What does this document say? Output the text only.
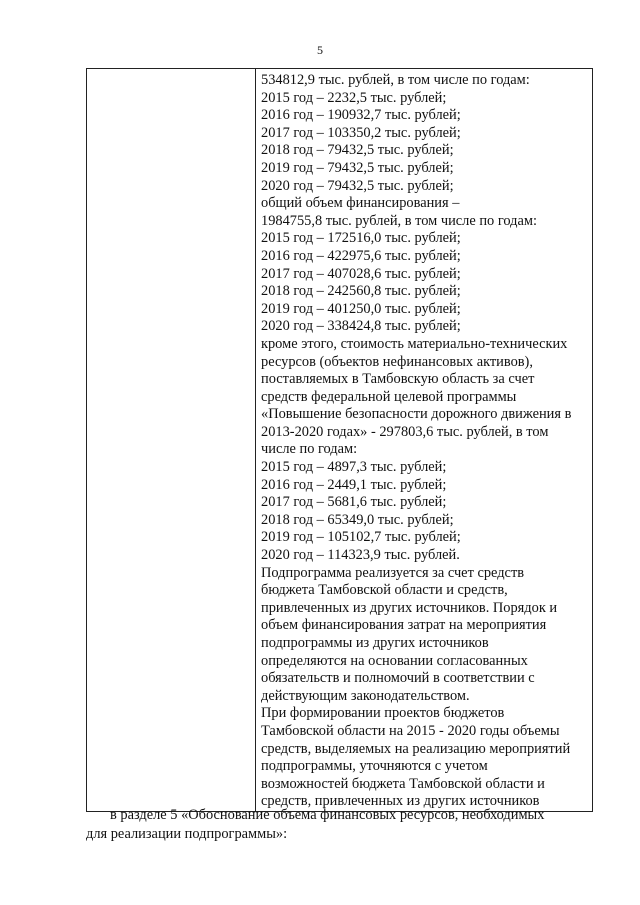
5

534812,9 тыс. рублей, в том числе по годам:
2015 год – 2232,5 тыс. рублей;
2016 год – 190932,7 тыс. рублей;
2017 год – 103350,2 тыс. рублей;
2018 год – 79432,5 тыс. рублей;
2019 год – 79432,5 тыс. рублей;
2020 год – 79432,5 тыс. рублей;
общий объем финансирования –
1984755,8 тыс. рублей, в том числе по годам:
2015 год – 172516,0 тыс. рублей;
2016 год – 422975,6 тыс. рублей;
2017 год – 407028,6 тыс. рублей;
2018 год – 242560,8 тыс. рублей;
2019 год – 401250,0 тыс. рублей;
2020 год – 338424,8 тыс. рублей;
кроме этого, стоимость материально-технических
ресурсов (объектов нефинансовых активов),
поставляемых в Тамбовскую область за счет
средств федеральной целевой программы
«Повышение безопасности дорожного движения в
2013-2020 годах» - 297803,6 тыс. рублей, в том
числе по годам:
2015 год – 4897,3 тыс. рублей;
2016 год – 2449,1 тыс. рублей;
2017 год – 5681,6 тыс. рублей;
2018 год – 65349,0 тыс. рублей;
2019 год – 105102,7 тыс. рублей;
2020 год – 114323,9 тыс. рублей.
Подпрограмма реализуется за счет средств
бюджета Тамбовской области и средств,
привлеченных из других источников. Порядок и
объем финансирования затрат на мероприятия
подпрограммы из других источников
определяются на основании согласованных
обязательств и полномочий в соответствии с
действующим законодательством.
При формировании проектов бюджетов
Тамбовской области на 2015 - 2020 годы объемы
средств, выделяемых на реализацию мероприятий
подпрограммы, уточняются с учетом
возможностей бюджета Тамбовской области и
средств, привлеченных из других источников
в разделе 5 «Обоснование объема финансовых ресурсов, необходимых
для реализации подпрограммы»:
